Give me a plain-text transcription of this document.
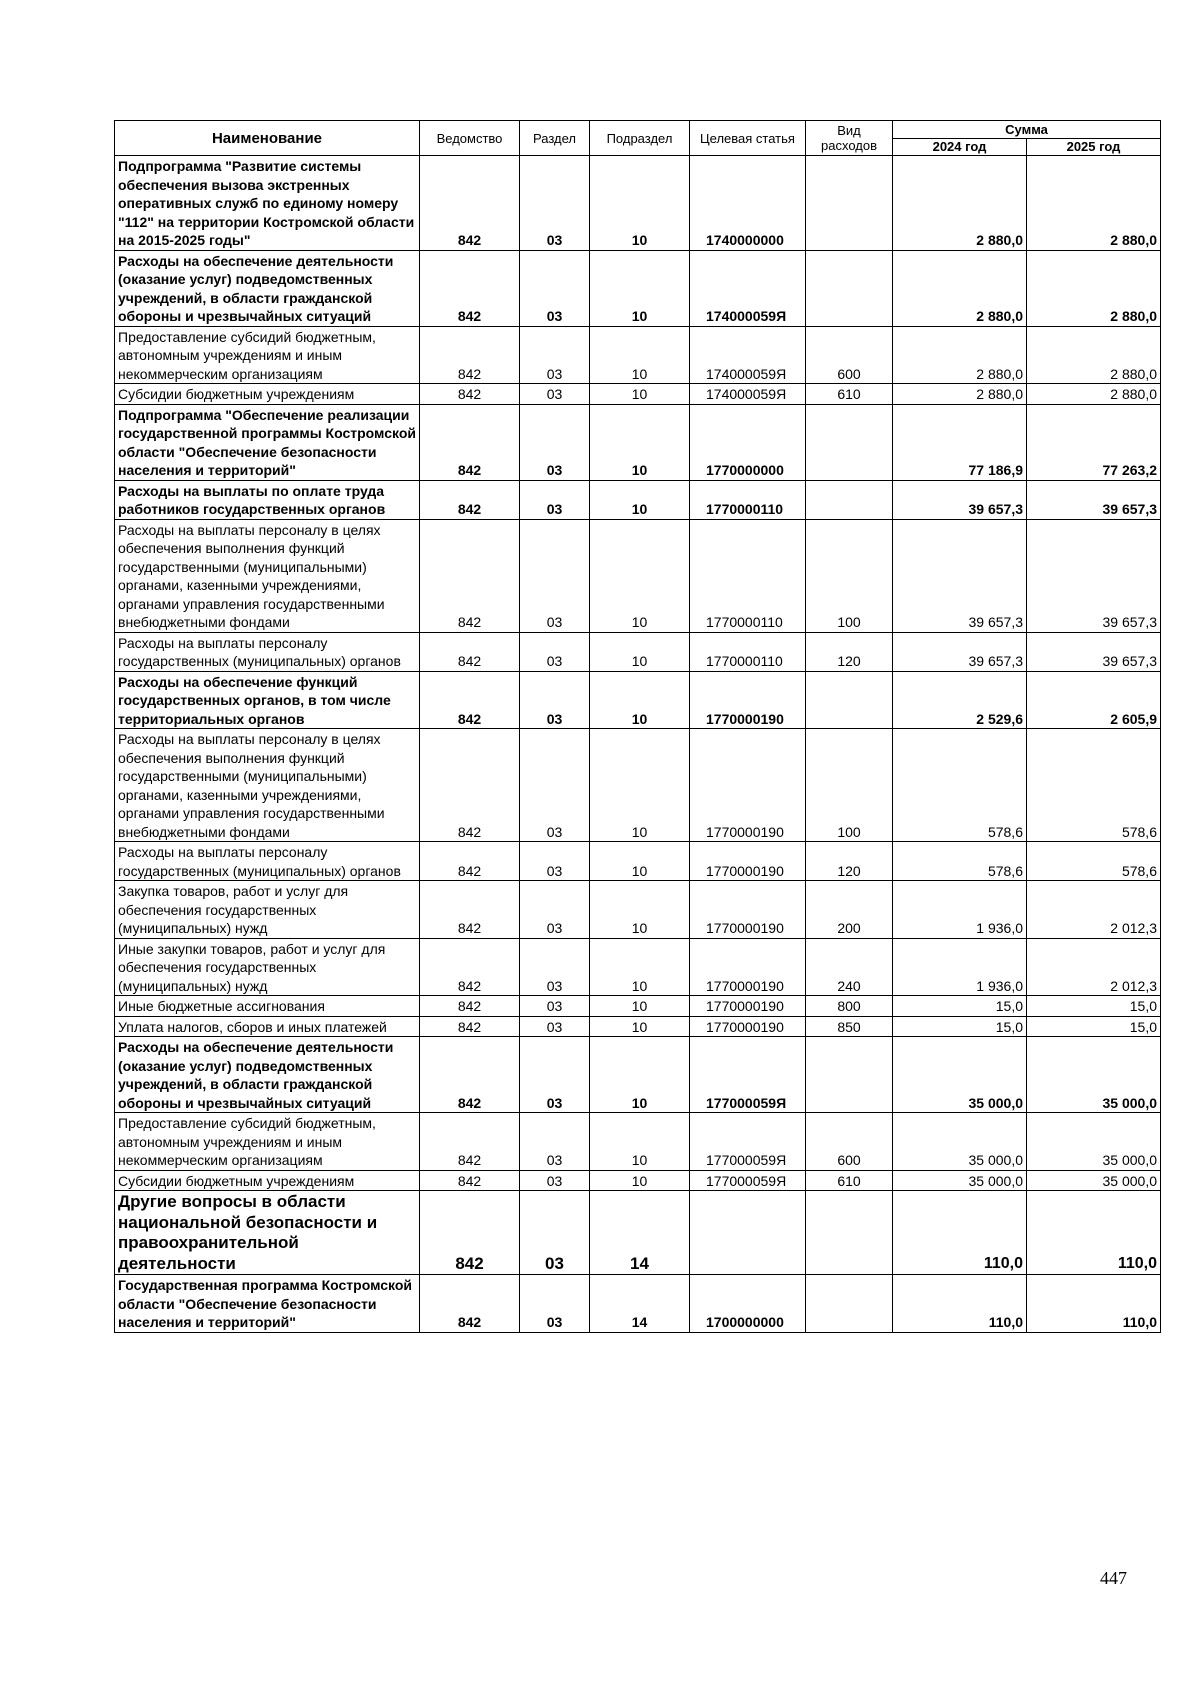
Наименование	Ведомство	Раздел	Подраздел	Целевая статья	Вид расходов	Сумма	
						2024 год	2025 год
Подпрограмма "Развитие системы обеспечения вызова экстренных оперативных служб по единому номеру "112" на территории Костромской области на 2015-2025 годы"	842	03	10	1740000000		2 880,0	2 880,0
Расходы на обеспечение деятельности (оказание услуг) подведомственных учреждений, в области гражданской обороны и чрезвычайных ситуаций	842	03	10	174000059Я		2 880,0	2 880,0
Предоставление субсидий бюджетным, автономным учреждениям и иным некоммерческим организациям	842	03	10	174000059Я	600	2 880,0	2 880,0
Субсидии бюджетным учреждениям	842	03	10	174000059Я	610	2 880,0	2 880,0
Подпрограмма "Обеспечение реализации государственной программы Костромской области "Обеспечение безопасности населения и территорий"	842	03	10	1770000000		77 186,9	77 263,2
Расходы на выплаты по оплате труда работников государственных органов	842	03	10	1770000110		39 657,3	39 657,3
Расходы на выплаты персоналу в целях обеспечения выполнения функций государственными (муниципальными) органами, казенными учреждениями, органами управления государственными внебюджетными фондами	842	03	10	1770000110	100	39 657,3	39 657,3
Расходы на выплаты персоналу государственных (муниципальных) органов	842	03	10	1770000110	120	39 657,3	39 657,3
Расходы на обеспечение функций государственных органов, в том числе территориальных органов	842	03	10	1770000190		2 529,6	2 605,9
Расходы на выплаты персоналу в целях обеспечения выполнения функций государственными (муниципальными) органами, казенными учреждениями, органами управления государственными внебюджетными фондами	842	03	10	1770000190	100	578,6	578,6
Расходы на выплаты персоналу государственных (муниципальных) органов	842	03	10	1770000190	120	578,6	578,6
Закупка товаров, работ и услуг для обеспечения государственных (муниципальных) нужд	842	03	10	1770000190	200	1 936,0	2 012,3
Иные закупки товаров, работ и услуг для обеспечения государственных (муниципальных) нужд	842	03	10	1770000190	240	1 936,0	2 012,3
Иные бюджетные ассигнования	842	03	10	1770000190	800	15,0	15,0
Уплата налогов, сборов и иных платежей	842	03	10	1770000190	850	15,0	15,0
Расходы на обеспечение деятельности (оказание услуг) подведомственных учреждений, в области гражданской обороны и чрезвычайных ситуаций	842	03	10	177000059Я		35 000,0	35 000,0
Предоставление субсидий бюджетным, автономным учреждениям и иным некоммерческим организациям	842	03	10	177000059Я	600	35 000,0	35 000,0
Субсидии бюджетным учреждениям	842	03	10	177000059Я	610	35 000,0	35 000,0
Другие вопросы в области национальной безопасности и правоохранительной деятельности	842	03	14			110,0	110,0
Государственная программа Костромской области "Обеспечение безопасности населения и территорий"	842	03	14	1700000000		110,0	110,0
447
